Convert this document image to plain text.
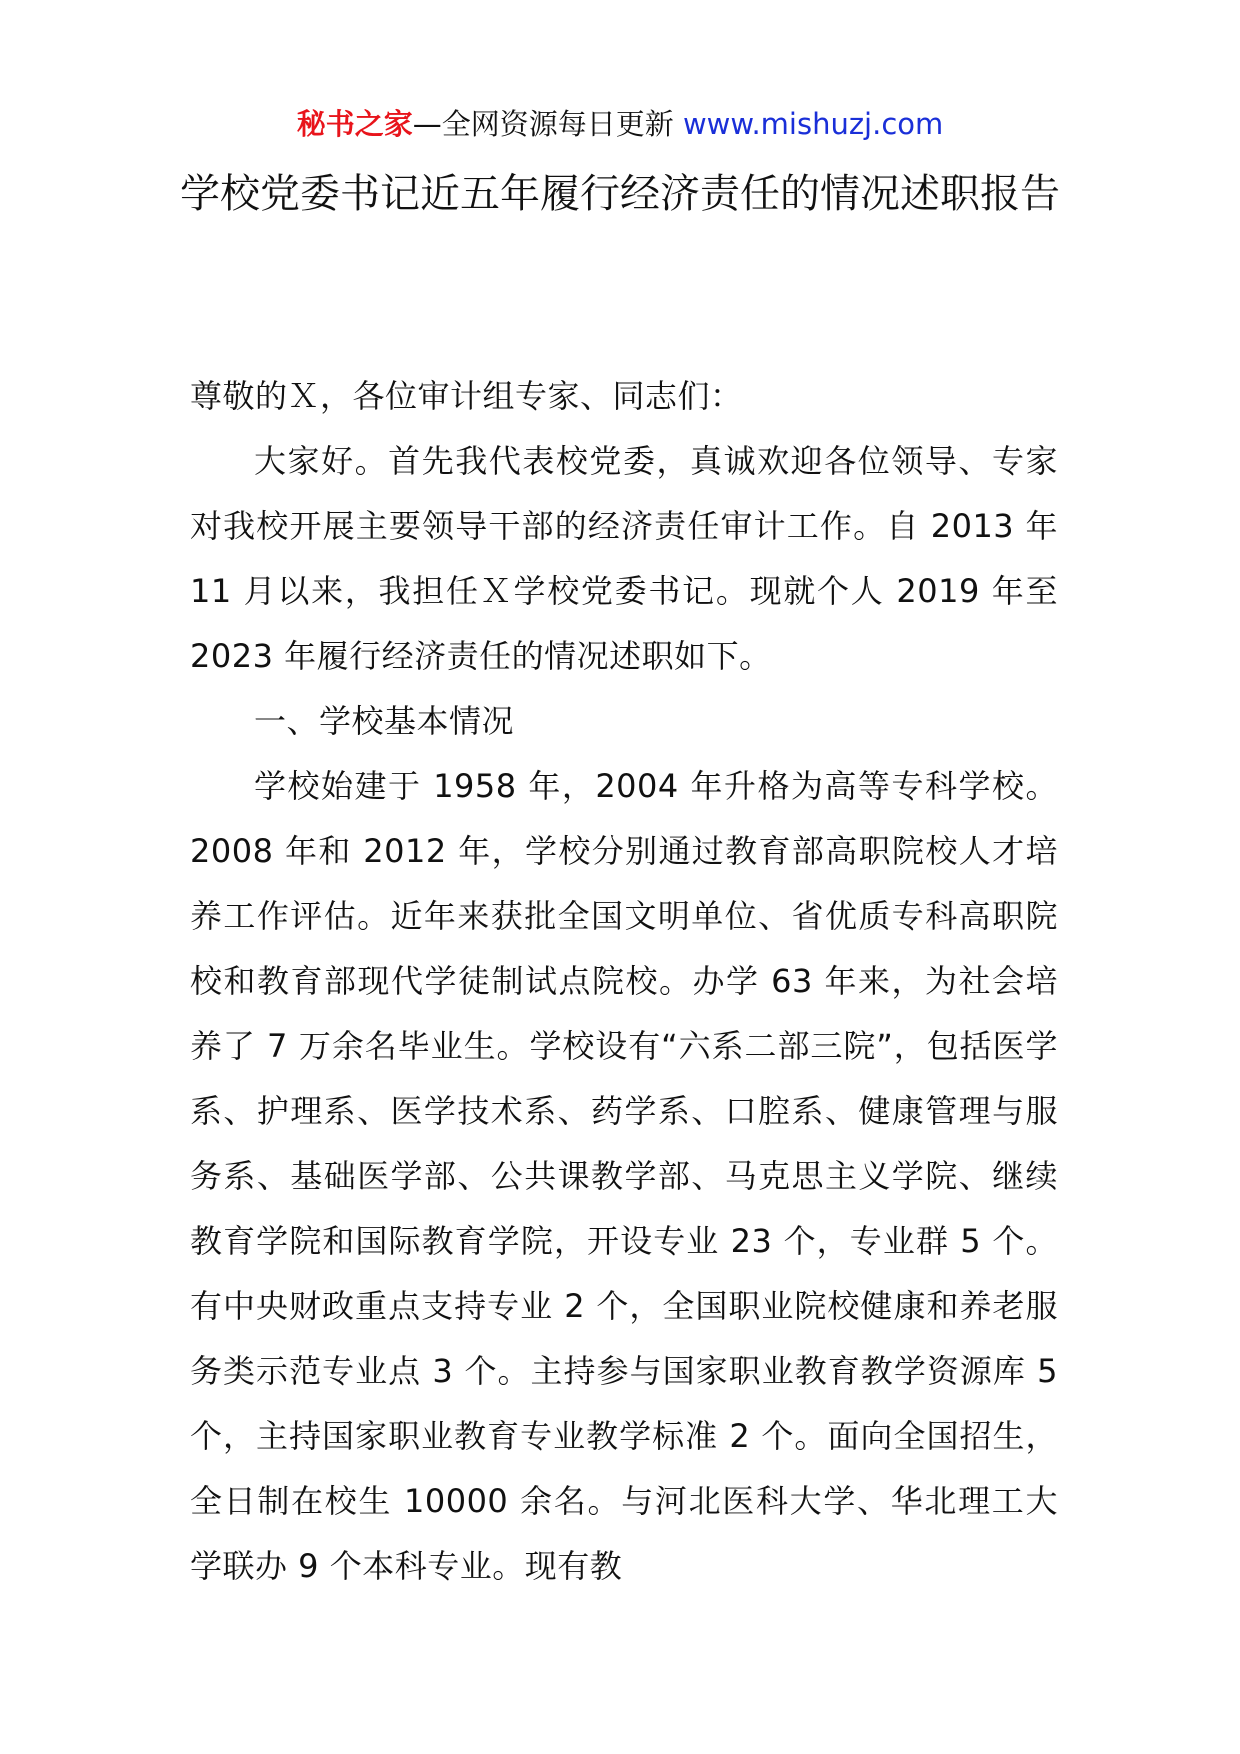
秘书之家—全网资源每日更新 www.mishuzj.com
学校党委书记近五年履行经济责任的情况述职报告

尊敬的Ｘ，各位审计组专家、同志们：

大家好。首先我代表校党委，真诚欢迎各位领导、专家对我校开展主要领导干部的经济责任审计工作。自 2013 年 11 月以来，我担任Ｘ学校党委书记。现就个人 2019 年至 2023 年履行经济责任的情况述职如下。

一、学校基本情况

学校始建于 1958 年，2004 年升格为高等专科学校。2008 年和 2012 年，学校分别通过教育部高职院校人才培养工作评估。近年来获批全国文明单位、省优质专科高职院校和教育部现代学徒制试点院校。办学 63 年来，为社会培养了 7 万余名毕业生。学校设有“六系二部三院”，包括医学系、护理系、医学技术系、药学系、口腔系、健康管理与服务系、基础医学部、公共课教学部、马克思主义学院、继续教育学院和国际教育学院，开设专业 23 个，专业群 5 个。有中央财政重点支持专业 2 个，全国职业院校健康和养老服务类示范专业点 3 个。主持参与国家职业教育教学资源库 5 个，主持国家职业教育专业教学标准 2 个。面向全国招生，全日制在校生 10000 余名。与河北医科大学、华北理工大学联办 9 个本科专业。现有教
